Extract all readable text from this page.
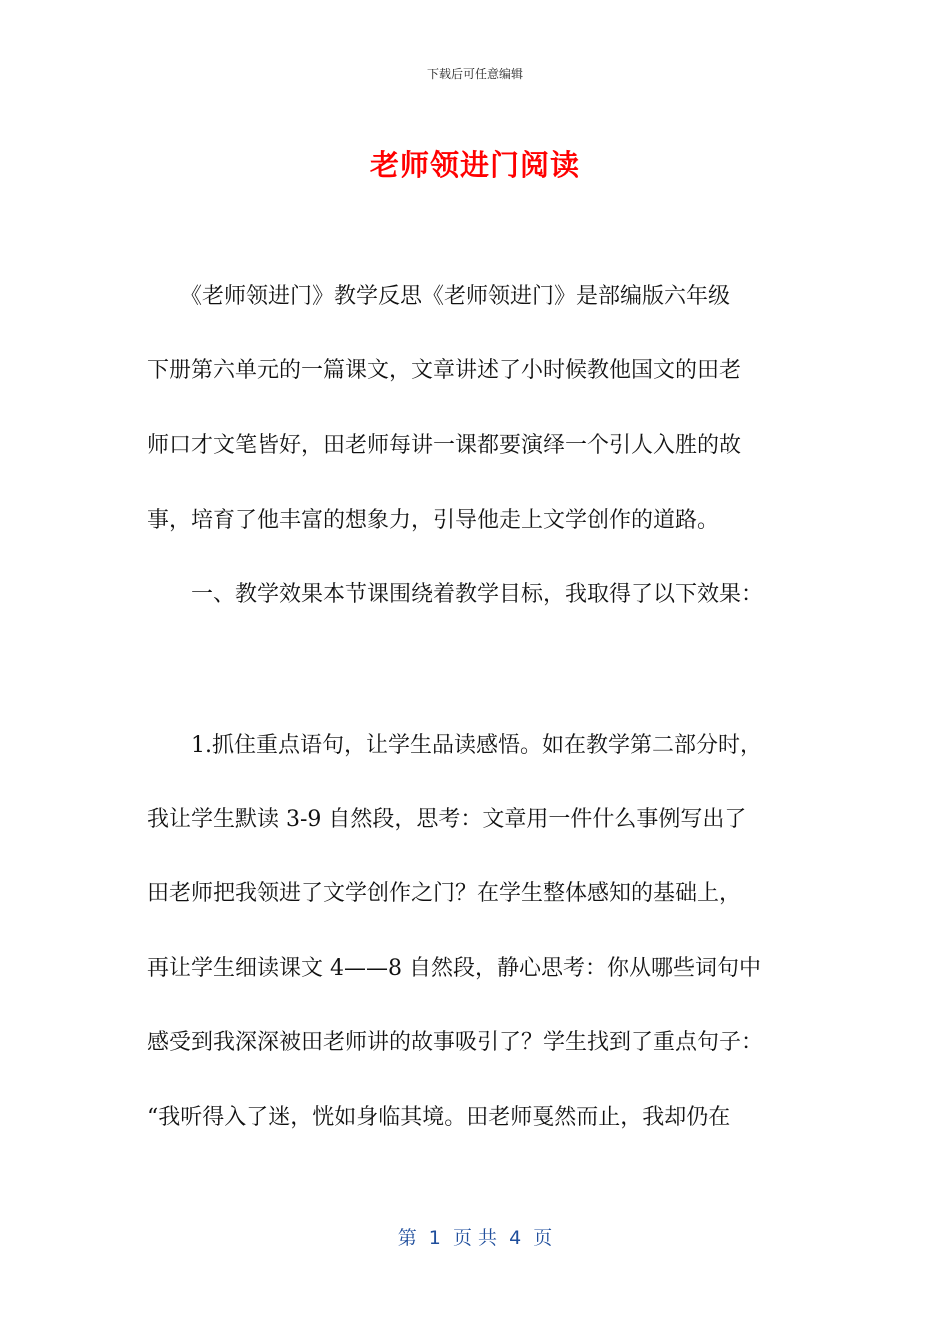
下载后可任意编辑
老师领进门阅读
　　《老师领进门》教学反思《老师领进门》是部编版六年级
下册第六单元的一篇课文，文章讲述了小时候教他国文的田老
师口才文笔皆好，田老师每讲一课都要演绎一个引人入胜的故
事，培育了他丰富的想象力，引导他走上文学创作的道路。
　　一、教学效果本节课围绕着教学目标，我取得了以下效果：
　　1.抓住重点语句，让学生品读感悟。如在教学第二部分时，
我让学生默读 3-9 自然段，思考：文章用一件什么事例写出了
田老师把我领进了文学创作之门？在学生整体感知的基础上，
再让学生细读课文 4——8 自然段，静心思考：你从哪些词句中
感受到我深深被田老师讲的故事吸引了？学生找到了重点句子：
“我听得入了迷，恍如身临其境。田老师戛然而止，我却仍在
第  1  页 共  4  页
